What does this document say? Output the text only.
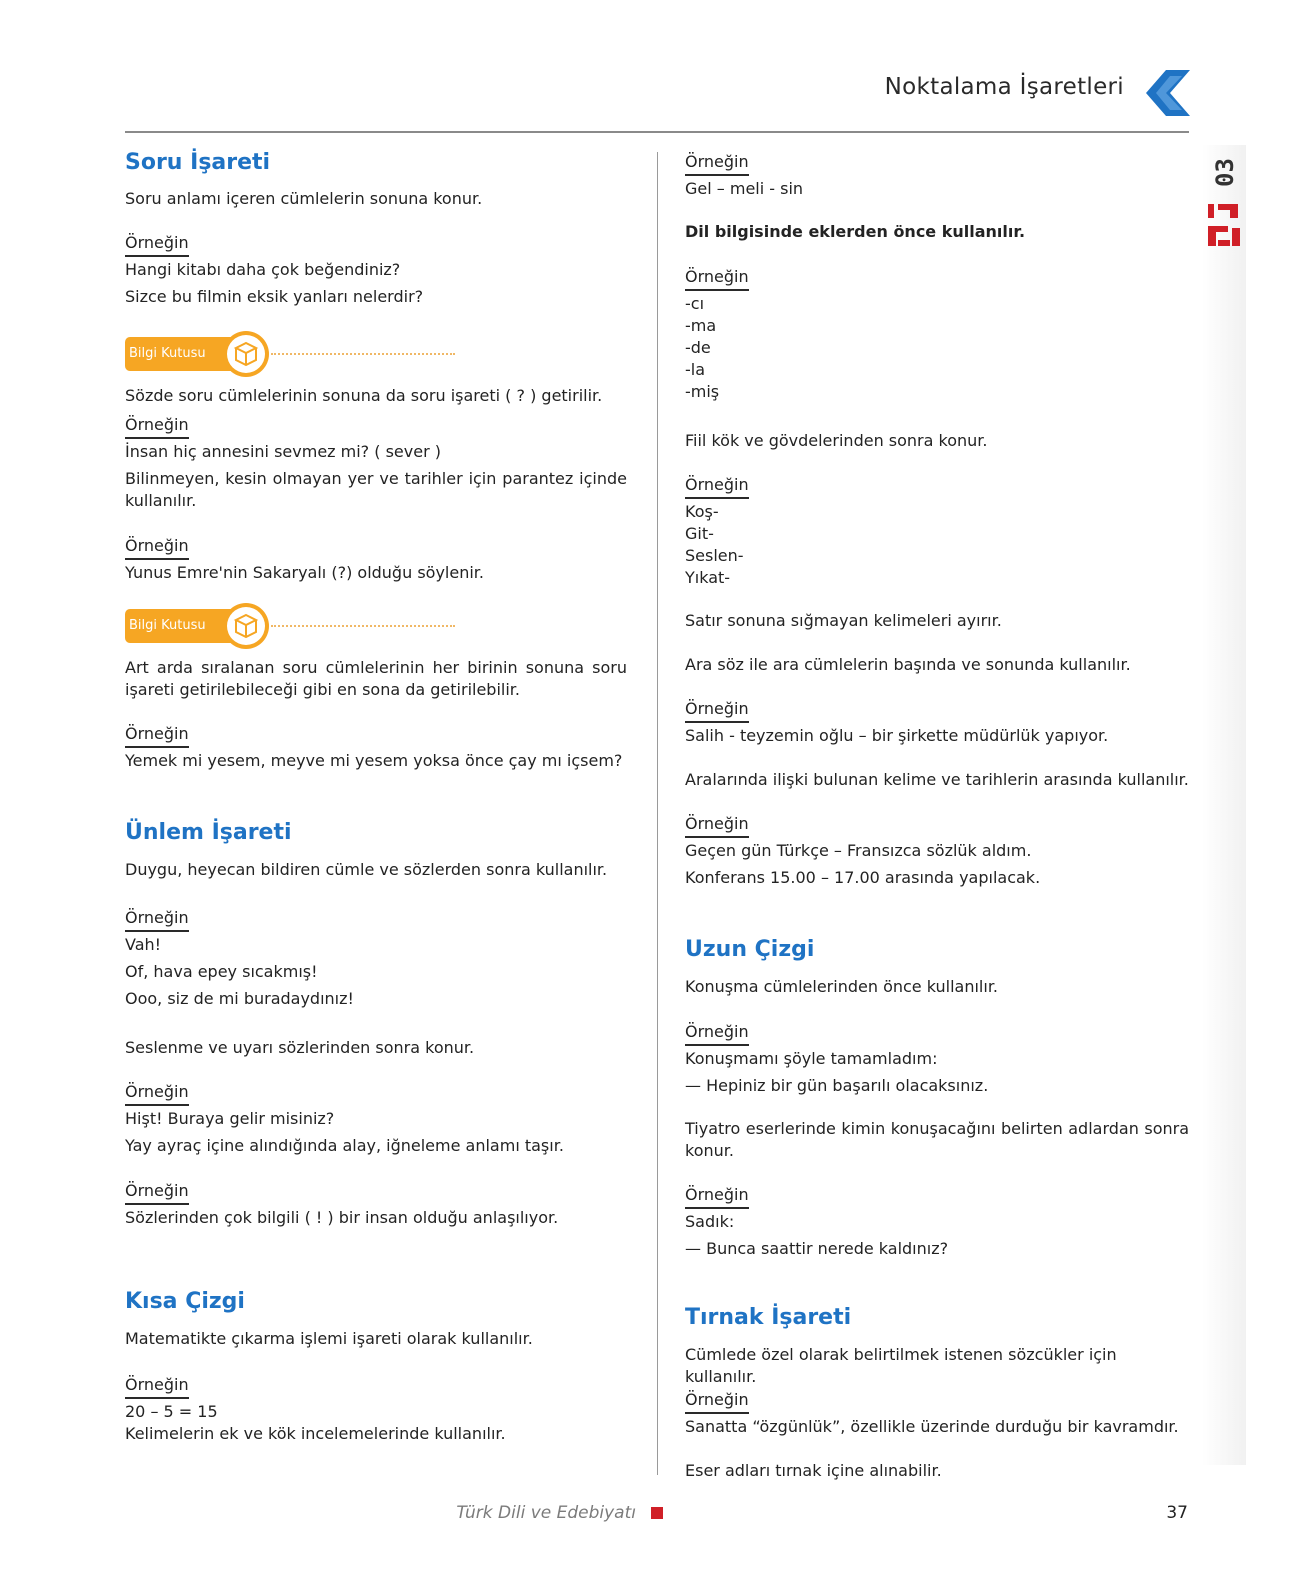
Noktalama İşaretleri
03
Soru İşareti

Soru anlamı içeren cümlelerin sonuna konur.

Örneğin

Hangi kitabı daha çok beğendiniz?

Sizce bu filmin eksik yanları nelerdir?

Bilgi Kutusu

Sözde soru cümlelerinin sonuna da soru işareti ( ? ) getirilir.

Örneğin

İnsan hiç annesini sevmez mi? ( sever )

Bilinmeyen, kesin olmayan yer ve tarihler için parantez içinde kullanılır.

Örneğin

Yunus Emre'nin Sakaryalı (?) olduğu söylenir.

Bilgi Kutusu

Art arda sıralanan soru cümlelerinin her birinin sonuna soru işareti getirilebileceği gibi en sona da getirilebilir.

Örneğin

Yemek mi yesem, meyve mi yesem yoksa önce çay mı içsem?

Ünlem İşareti

Duygu, heyecan bildiren cümle ve sözlerden sonra kullanılır.

Örneğin

Vah!

Of, hava epey sıcakmış!

Ooo, siz de mi buradaydınız!

Seslenme ve uyarı sözlerinden sonra konur.

Örneğin

Hişt! Buraya gelir misiniz?

Yay ayraç içine alındığında alay, iğneleme anlamı taşır.

Örneğin

Sözlerinden çok bilgili ( ! ) bir insan olduğu anlaşılıyor.

Kısa Çizgi

Matematikte çıkarma işlemi işareti olarak kullanılır.

Örneğin

20 – 5 = 15

Kelimelerin ek ve kök incelemelerinde kullanılır.

Örneğin

Gel – meli - sin

Dil bilgisinde eklerden önce kullanılır.

Örneğin

-cı

-ma

-de

-la

-miş

Fiil kök ve gövdelerinden sonra konur.

Örneğin

Koş-

Git-

Seslen-

Yıkat-

Satır sonuna sığmayan kelimeleri ayırır.

Ara söz ile ara cümlelerin başında ve sonunda kullanılır.

Örneğin

Salih - teyzemin oğlu – bir şirkette müdürlük yapıyor.

Aralarında ilişki bulunan kelime ve tarihlerin arasında kullanılır.

Örneğin

Geçen gün Türkçe – Fransızca sözlük aldım.

Konferans 15.00 – 17.00 arasında yapılacak.

Uzun Çizgi

Konuşma cümlelerinden önce kullanılır.

Örneğin

Konuşmamı şöyle tamamladım:

— Hepiniz bir gün başarılı olacaksınız.

Tiyatro eserlerinde kimin konuşacağını belirten adlardan sonra konur.

Örneğin

Sadık:

— Bunca saattir nerede kaldınız?

Tırnak İşareti

Cümlede özel olarak belirtilmek istenen sözcükler için kullanılır.

Örneğin

Sanatta “özgünlük”, özellikle üzerinde durduğu bir kavramdır.

Eser adları tırnak içine alınabilir.

Türk Dili ve Edebiyatı	37
